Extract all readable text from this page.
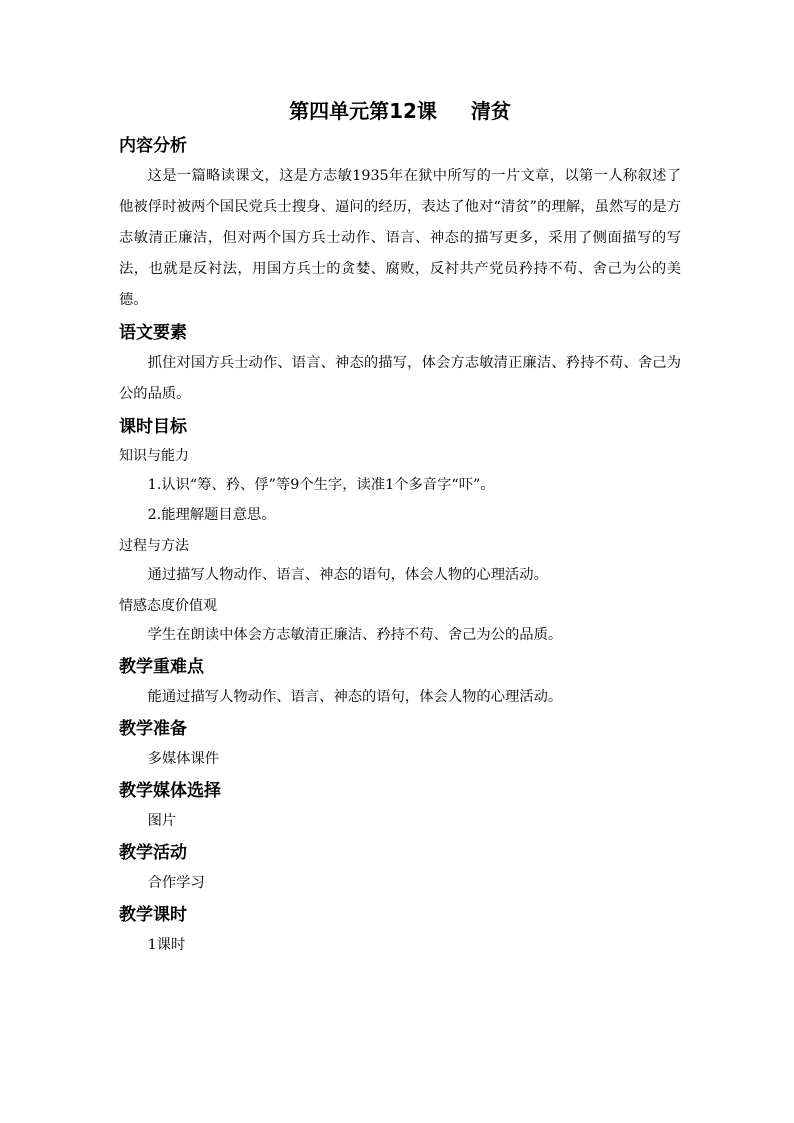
第四单元第12课 清贫
内容分析

这是一篇略读课文，这是方志敏1935年在狱中所写的一片文章，以第一人称叙述了他被俘时被两个国民党兵士搜身、逼问的经历，表达了他对“清贫”的理解，虽然写的是方志敏清正廉洁，但对两个国方兵士动作、语言、神态的描写更多，采用了侧面描写的写法，也就是反衬法，用国方兵士的贪婪、腐败，反衬共产党员矜持不苟、舍己为公的美德。

语文要素

抓住对国方兵士动作、语言、神态的描写，体会方志敏清正廉洁、矜持不苟、舍己为公的品质。

课时目标
知识与能力

1.认识“筹、矜、俘”等9个生字，读准1个多音字“吓”。

2.能理解题目意思。

过程与方法

通过描写人物动作、语言、神态的语句，体会人物的心理活动。

情感态度价值观

学生在朗读中体会方志敏清正廉洁、矜持不苟、舍己为公的品质。

教学重难点

能通过描写人物动作、语言、神态的语句，体会人物的心理活动。

教学准备

多媒体课件

教学媒体选择

图片

教学活动

合作学习

教学课时

1课时
